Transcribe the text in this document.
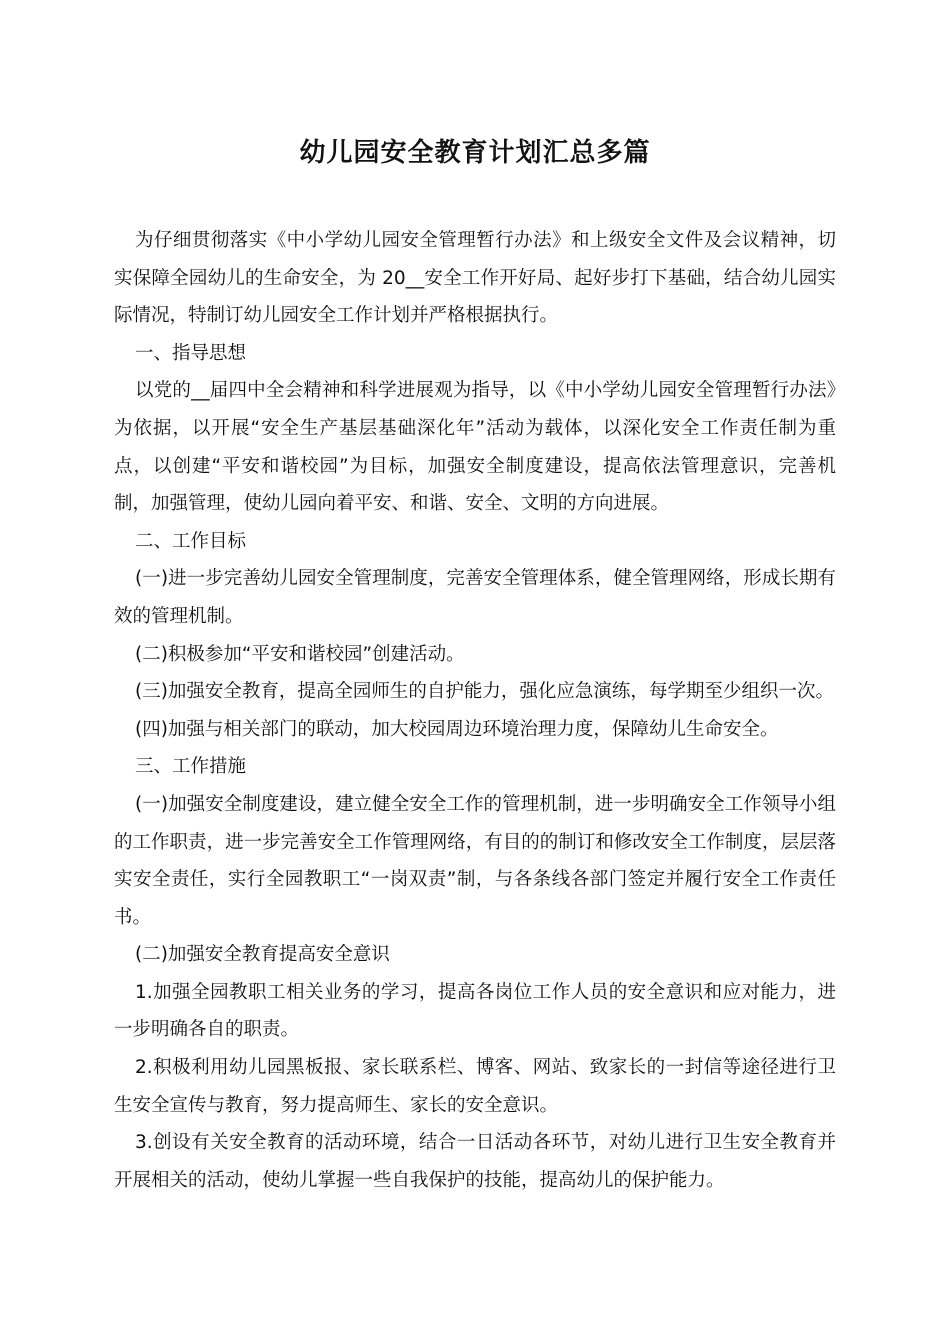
幼儿园安全教育计划汇总多篇

为仔细贯彻落实《中小学幼儿园安全管理暂行办法》和上级安全文件及会议精神，切实保障全园幼儿的生命安全，为 20__安全工作开好局、起好步打下基础，结合幼儿园实际情况，特制订幼儿园安全工作计划并严格根据执行。

一、指导思想

以党的__届四中全会精神和科学进展观为指导，以《中小学幼儿园安全管理暂行办法》为依据，以开展“安全生产基层基础深化年”活动为载体，以深化安全工作责任制为重点，以创建“平安和谐校园”为目标，加强安全制度建设，提高依法管理意识，完善机制，加强管理，使幼儿园向着平安、和谐、安全、文明的方向进展。

二、工作目标

(一)进一步完善幼儿园安全管理制度，完善安全管理体系，健全管理网络，形成长期有效的管理机制。

(二)积极参加“平安和谐校园”创建活动。

(三)加强安全教育，提高全园师生的自护能力，强化应急演练，每学期至少组织一次。

(四)加强与相关部门的联动，加大校园周边环境治理力度，保障幼儿生命安全。

三、工作措施

(一)加强安全制度建设，建立健全安全工作的管理机制，进一步明确安全工作领导小组的工作职责，进一步完善安全工作管理网络，有目的的制订和修改安全工作制度，层层落实安全责任，实行全园教职工“一岗双责”制，与各条线各部门签定并履行安全工作责任书。

(二)加强安全教育提高安全意识

1.加强全园教职工相关业务的学习，提高各岗位工作人员的安全意识和应对能力，进一步明确各自的职责。

2.积极利用幼儿园黑板报、家长联系栏、博客、网站、致家长的一封信等途径进行卫生安全宣传与教育，努力提高师生、家长的安全意识。

3.创设有关安全教育的活动环境，结合一日活动各环节，对幼儿进行卫生安全教育并开展相关的活动，使幼儿掌握一些自我保护的技能，提高幼儿的保护能力。
